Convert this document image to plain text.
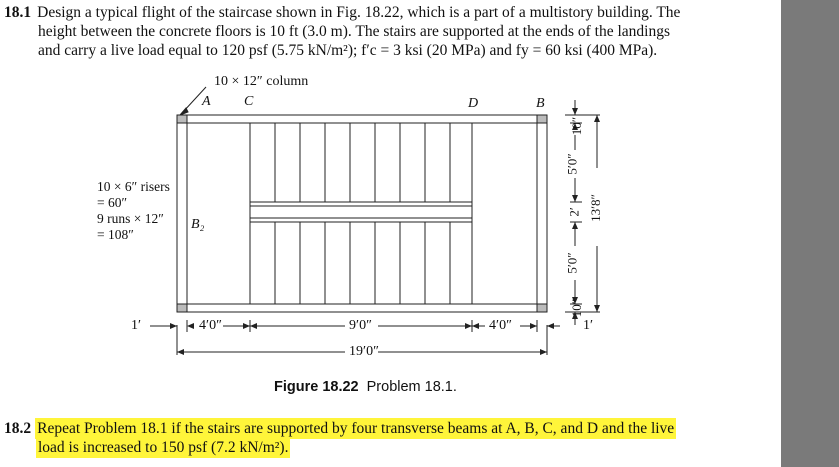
18.1 Design a typical flight of the staircase shown in Fig. 18.22, which is a part of a multistory building. The
height between the concrete floors is 10 ft (3.0 m). The stairs are supported at the ends of the landings
and carry a live load equal to 120 psf (5.75 kN/m²); f′c = 3 ksi (20 MPa) and fy = 60 ksi (400 MPa).
10 × 12″ column
A C	D	B
B₂
10 × 6″ risers
= 60″
9 runs × 12″
= 108″
1′	4′0″	9′0″	4′0″	1′
19′0″
10″
5′0″
2′
5′0″
10″
13′8″
Figure 18.22 Problem 18.1.
18.2 Repeat Problem 18.1 if the stairs are supported by four transverse beams at A, B, C, and D and the live
load is increased to 150 psf (7.2 kN/m²).
